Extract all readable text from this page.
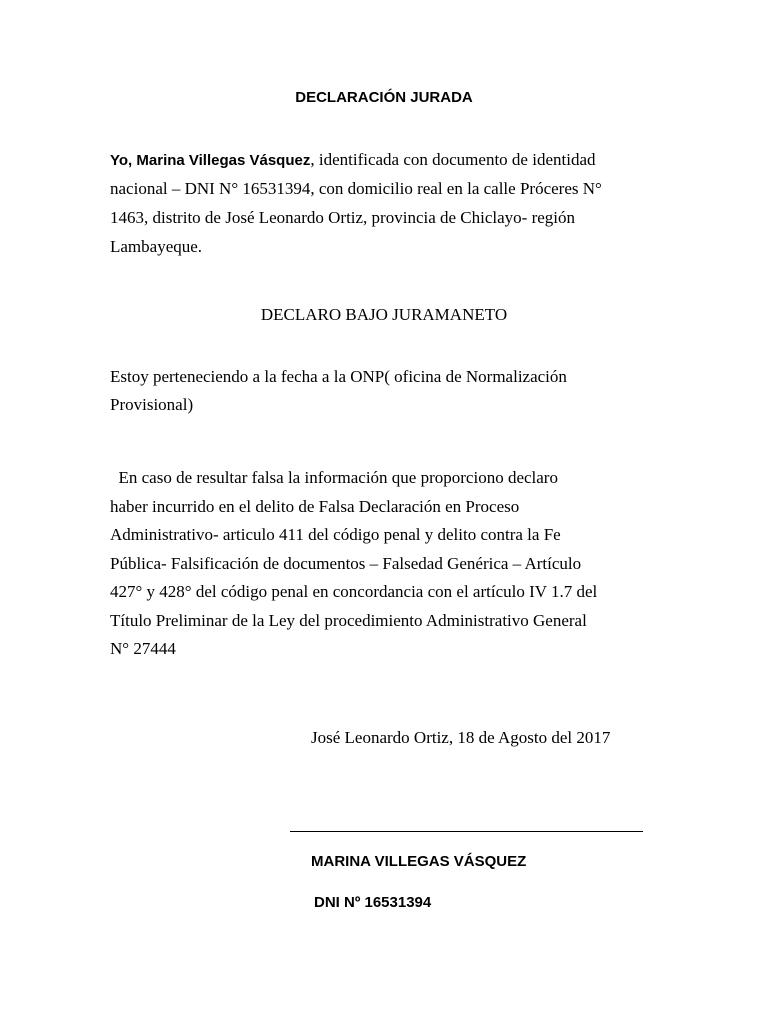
DECLARACIÓN JURADA
Yo, Marina Villegas Vásquez, identificada con documento de identidad
nacional – DNI N° 16531394, con domicilio real en la calle Próceres N°
1463, distrito de José Leonardo Ortiz, provincia de Chiclayo- región
Lambayeque.
DECLARO BAJO JURAMANETO
Estoy perteneciendo a la fecha a la ONP( oficina de Normalización
Provisional)
En caso de resultar falsa la información que proporciono declaro
haber incurrido en el delito de Falsa Declaración en Proceso
Administrativo- articulo 411 del código penal y delito contra la Fe
Pública- Falsificación de documentos – Falsedad Genérica – Artículo
427° y 428° del código penal en concordancia con el artículo IV 1.7 del
Título Preliminar de la Ley del procedimiento Administrativo General
N° 27444
José Leonardo Ortiz, 18 de Agosto del 2017
MARINA VILLEGAS VÁSQUEZ
DNI Nº 16531394
